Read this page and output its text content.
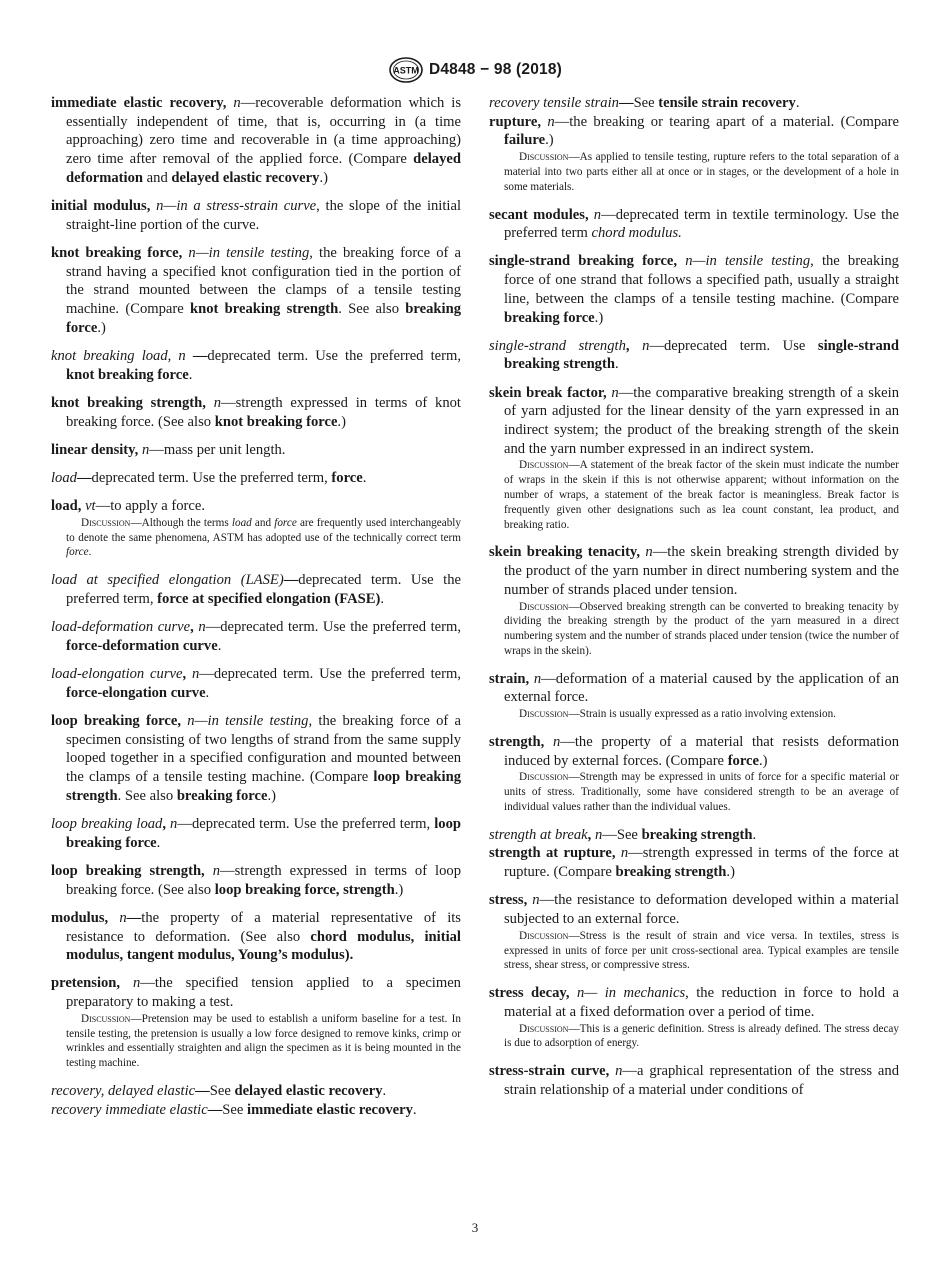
ASTM D4848 − 98 (2018)

immediate elastic recovery, n—recoverable deformation which is essentially independent of time, that is, occurring in (a time approaching) zero time and recoverable in (a time approaching) zero time after removal of the applied force. (Compare delayed deformation and delayed elastic recovery.)

initial modulus, n—in a stress-strain curve, the slope of the initial straight-line portion of the curve.

knot breaking force, n—in tensile testing, the breaking force of a strand having a specified knot configuration tied in the portion of the strand mounted between the clamps of a tensile testing machine. (Compare knot breaking strength. See also breaking force.)

knot breaking load, n —deprecated term. Use the preferred term, knot breaking force.

knot breaking strength, n—strength expressed in terms of knot breaking force. (See also knot breaking force.)

linear density, n—mass per unit length.

load—deprecated term. Use the preferred term, force.

load, vt—to apply a force.

Discussion—Although the terms load and force are frequently used interchangeably to denote the same phenomena, ASTM has adopted use of the technically correct term force.

load at specified elongation (LASE)—deprecated term. Use the preferred term, force at specified elongation (FASE).

load-deformation curve, n—deprecated term. Use the preferred term, force-deformation curve.

load-elongation curve, n—deprecated term. Use the preferred term, force-elongation curve.

loop breaking force, n—in tensile testing, the breaking force of a specimen consisting of two lengths of strand from the same supply looped together in a specified configuration and mounted between the clamps of a tensile testing machine. (Compare loop breaking strength. See also breaking force.)

loop breaking load, n—deprecated term. Use the preferred term, loop breaking force.

loop breaking strength, n—strength expressed in terms of loop breaking force. (See also loop breaking force, strength.)

modulus, n—the property of a material representative of its resistance to deformation. (See also chord modulus, initial modulus, tangent modulus, Young’s modulus).

pretension, n—the specified tension applied to a specimen preparatory to making a test.

Discussion—Pretension may be used to establish a uniform baseline for a test. In tensile testing, the pretension is usually a low force designed to remove kinks, crimp or wrinkles and essentially straighten and align the specimen as it is being mounted in the testing machine.

recovery, delayed elastic—See delayed elastic recovery.

recovery immediate elastic—See immediate elastic recovery.

recovery tensile strain—See tensile strain recovery.

rupture, n—the breaking or tearing apart of a material. (Compare failure.)

Discussion—As applied to tensile testing, rupture refers to the total separation of a material into two parts either all at once or in stages, or the development of a hole in some materials.

secant modules, n—deprecated term in textile terminology. Use the preferred term chord modulus.

single-strand breaking force, n—in tensile testing, the breaking force of one strand that follows a specified path, usually a straight line, between the clamps of a tensile testing machine. (Compare breaking force.)

single-strand strength, n—deprecated term. Use single-strand breaking strength.

skein break factor, n—the comparative breaking strength of a skein of yarn adjusted for the linear density of the yarn expressed in an indirect system; the product of the breaking strength of the skein and the yarn number expressed in an indirect system.

Discussion—A statement of the break factor of the skein must indicate the number of wraps in the skein if this is not otherwise apparent; without information on the number of wraps, a statement of the break factor is meaningless. Break factor is frequently given other designations such as lea count constant, lea product, and breaking ratio.

skein breaking tenacity, n—the skein breaking strength divided by the product of the yarn number in direct numbering system and the number of strands placed under tension.

Discussion—Observed breaking strength can be converted to breaking tenacity by dividing the breaking strength by the product of the yarn measured in a direct numbering system and the number of strands placed under tension (twice the number of wraps in the skein).

strain, n—deformation of a material caused by the application of an external force.

Discussion—Strain is usually expressed as a ratio involving extension.

strength, n—the property of a material that resists deformation induced by external forces. (Compare force.)

Discussion—Strength may be expressed in units of force for a specific material or units of stress. Traditionally, some have considered strength to be an average of individual values rather than the individual values.

strength at break, n—See breaking strength.

strength at rupture, n—strength expressed in terms of the force at rupture. (Compare breaking strength.)

stress, n—the resistance to deformation developed within a material subjected to an external force.

Discussion—Stress is the result of strain and vice versa. In textiles, stress is expressed in units of force per unit cross-sectional area. Typical examples are tensile stress, shear stress, or compressive stress.

stress decay, n— in mechanics, the reduction in force to hold a material at a fixed deformation over a period of time.

Discussion—This is a generic definition. Stress is already defined. The stress decay is due to adsorption of energy.

stress-strain curve, n—a graphical representation of the stress and strain relationship of a material under conditions of

3
